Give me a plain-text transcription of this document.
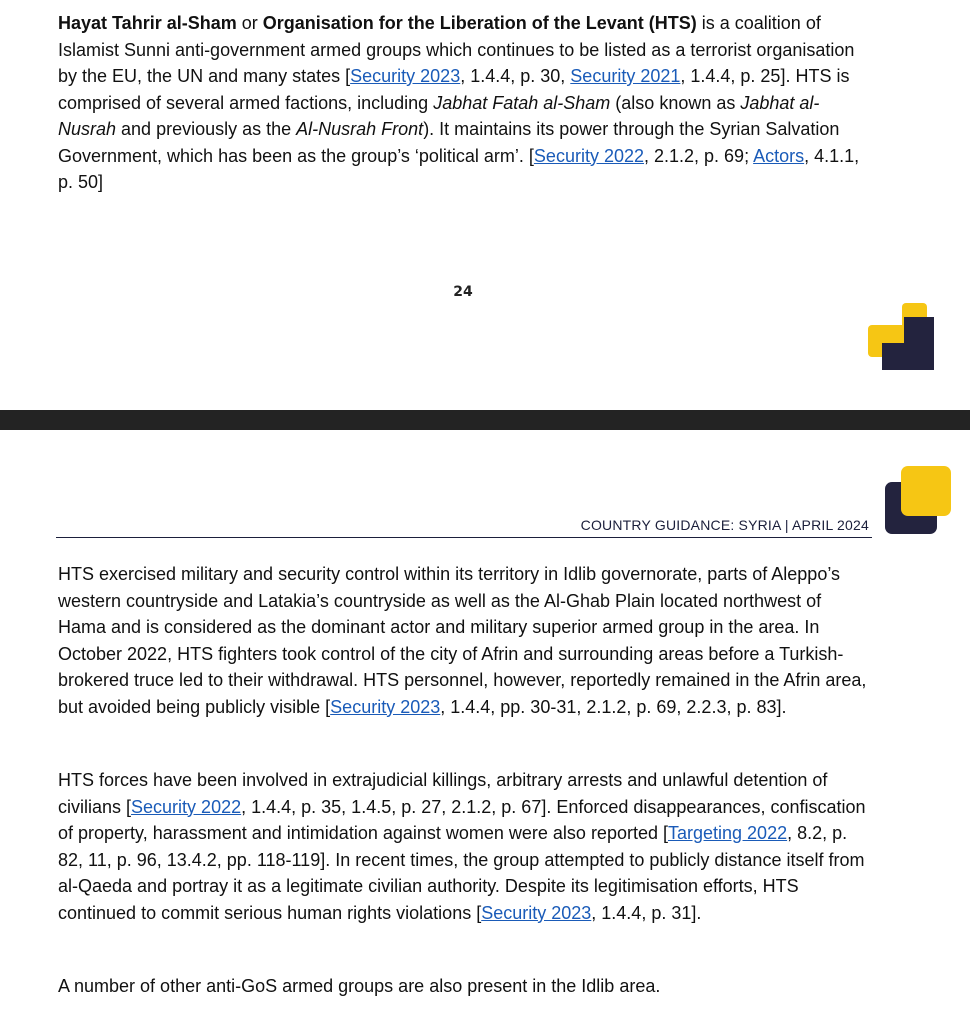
Hayat Tahrir al-Sham or Organisation for the Liberation of the Levant (HTS) is a coalition of Islamist Sunni anti-government armed groups which continues to be listed as a terrorist organisation by the EU, the UN and many states [Security 2023, 1.4.4, p. 30, Security 2021, 1.4.4, p. 25]. HTS is comprised of several armed factions, including Jabhat Fatah al-Sham (also known as Jabhat al-Nusrah and previously as the Al-Nusrah Front). It maintains its power through the Syrian Salvation Government, which has been as the group’s ‘political arm’. [Security 2022, 2.1.2, p. 69; Actors, 4.1.1, p. 50]

24
COUNTRY GUIDANCE: SYRIA | APRIL 2024

HTS exercised military and security control within its territory in Idlib governorate, parts of Aleppo’s western countryside and Latakia’s countryside as well as the Al-Ghab Plain located northwest of Hama and is considered as the dominant actor and military superior armed group in the area. In October 2022, HTS fighters took control of the city of Afrin and surrounding areas before a Turkish-brokered truce led to their withdrawal. HTS personnel, however, reportedly remained in the Afrin area, but avoided being publicly visible [Security 2023, 1.4.4, pp. 30-31, 2.1.2, p. 69, 2.2.3, p. 83].

HTS forces have been involved in extrajudicial killings, arbitrary arrests and unlawful detention of civilians [Security 2022, 1.4.4, p. 35, 1.4.5, p. 27, 2.1.2, p. 67]. Enforced disappearances, confiscation of property, harassment and intimidation against women were also reported [Targeting 2022, 8.2, p. 82, 11, p. 96, 13.4.2, pp. 118-119]. In recent times, the group attempted to publicly distance itself from al-Qaeda and portray it as a legitimate civilian authority. Despite its legitimisation efforts, HTS continued to commit serious human rights violations [Security 2023, 1.4.4, p. 31].

A number of other anti-GoS armed groups are also present in the Idlib area.
